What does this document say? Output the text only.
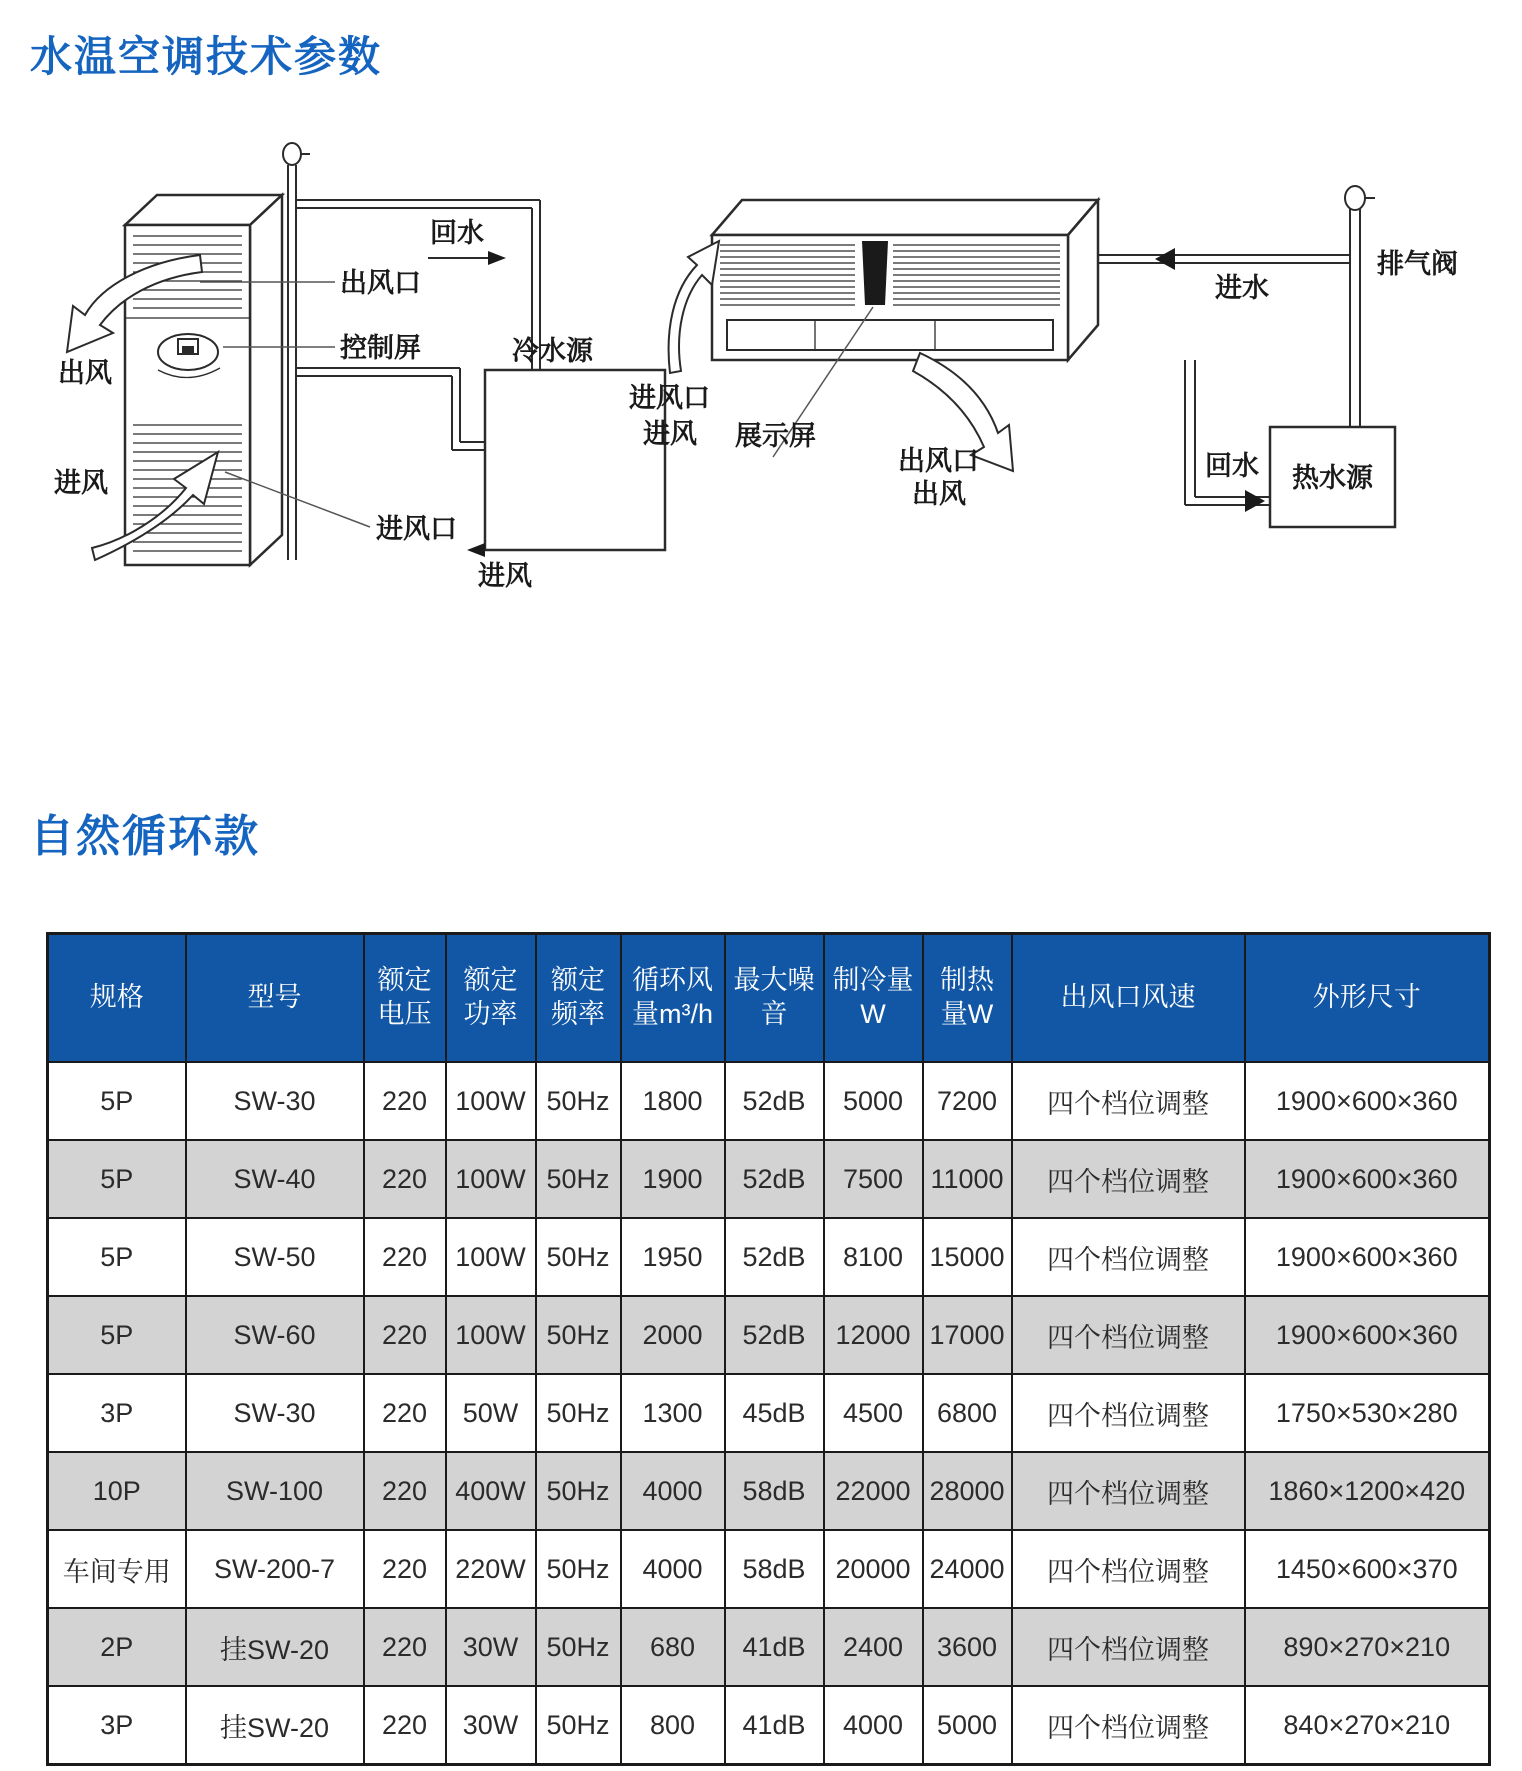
水温空调技术参数
回水
出风
进风
出风口
控制屏
进风口
冷水源
进风
进风口
进风 展示屏
出风口
出风
进水
排气阀
热水源
回水
自然循环款
规格	型号	额定电压	额定功率	额定频率	循环风量m³/h	最大噪音	制冷量W	制热量W	出风口风速	外形尺寸
5P	SW-30	220	100W	50Hz	1800	52dB	5000	7200	四个档位调整	1900×600×360
5P	SW-40	220	100W	50Hz	1900	52dB	7500	11000	四个档位调整	1900×600×360
5P	SW-50	220	100W	50Hz	1950	52dB	8100	15000	四个档位调整	1900×600×360
5P	SW-60	220	100W	50Hz	2000	52dB	12000	17000	四个档位调整	1900×600×360
3P	SW-30	220	50W	50Hz	1300	45dB	4500	6800	四个档位调整	1750×530×280
10P	SW-100	220	400W	50Hz	4000	58dB	22000	28000	四个档位调整	1860×1200×420
车间专用	SW-200-7	220	220W	50Hz	4000	58dB	20000	24000	四个档位调整	1450×600×370
2P	挂SW-20	220	30W	50Hz	680	41dB	2400	3600	四个档位调整	890×270×210
3P	挂SW-20	220	30W	50Hz	800	41dB	4000	5000	四个档位调整	840×270×210
